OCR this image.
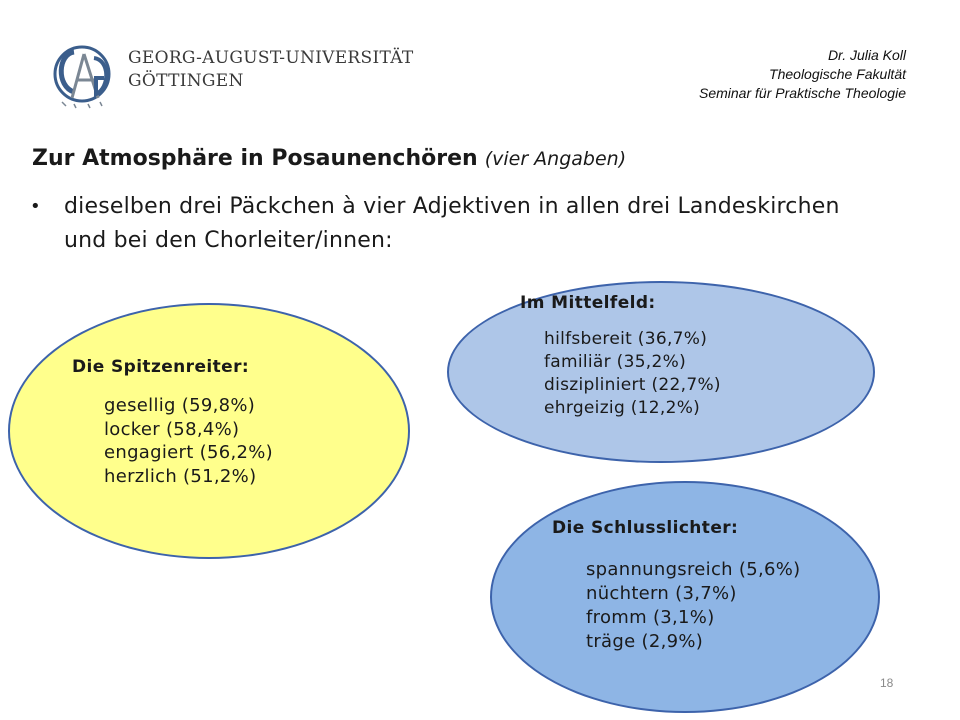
GEORG-AUGUST-UNIVERSITÄT
GÖTTINGEN
Dr. Julia Koll
Theologische Fakultät
Seminar für Praktische Theologie
Zur Atmosphäre in Posaunenchören (vier Angaben)
• dieselben drei Päckchen à vier Adjektiven in allen drei Landeskirchen und bei den Chorleiter/innen:
Die Spitzenreiter:
gesellig (59,8%)
locker (58,4%)
engagiert (56,2%)
herzlich (51,2%)
Im Mittelfeld:
hilfsbereit (36,7%)
familiär (35,2%)
diszipliniert (22,7%)
ehrgeizig (12,2%)
Die Schlusslichter:
spannungsreich (5,6%)
nüchtern (3,7%)
fromm (3,1%)
träge (2,9%)
18
